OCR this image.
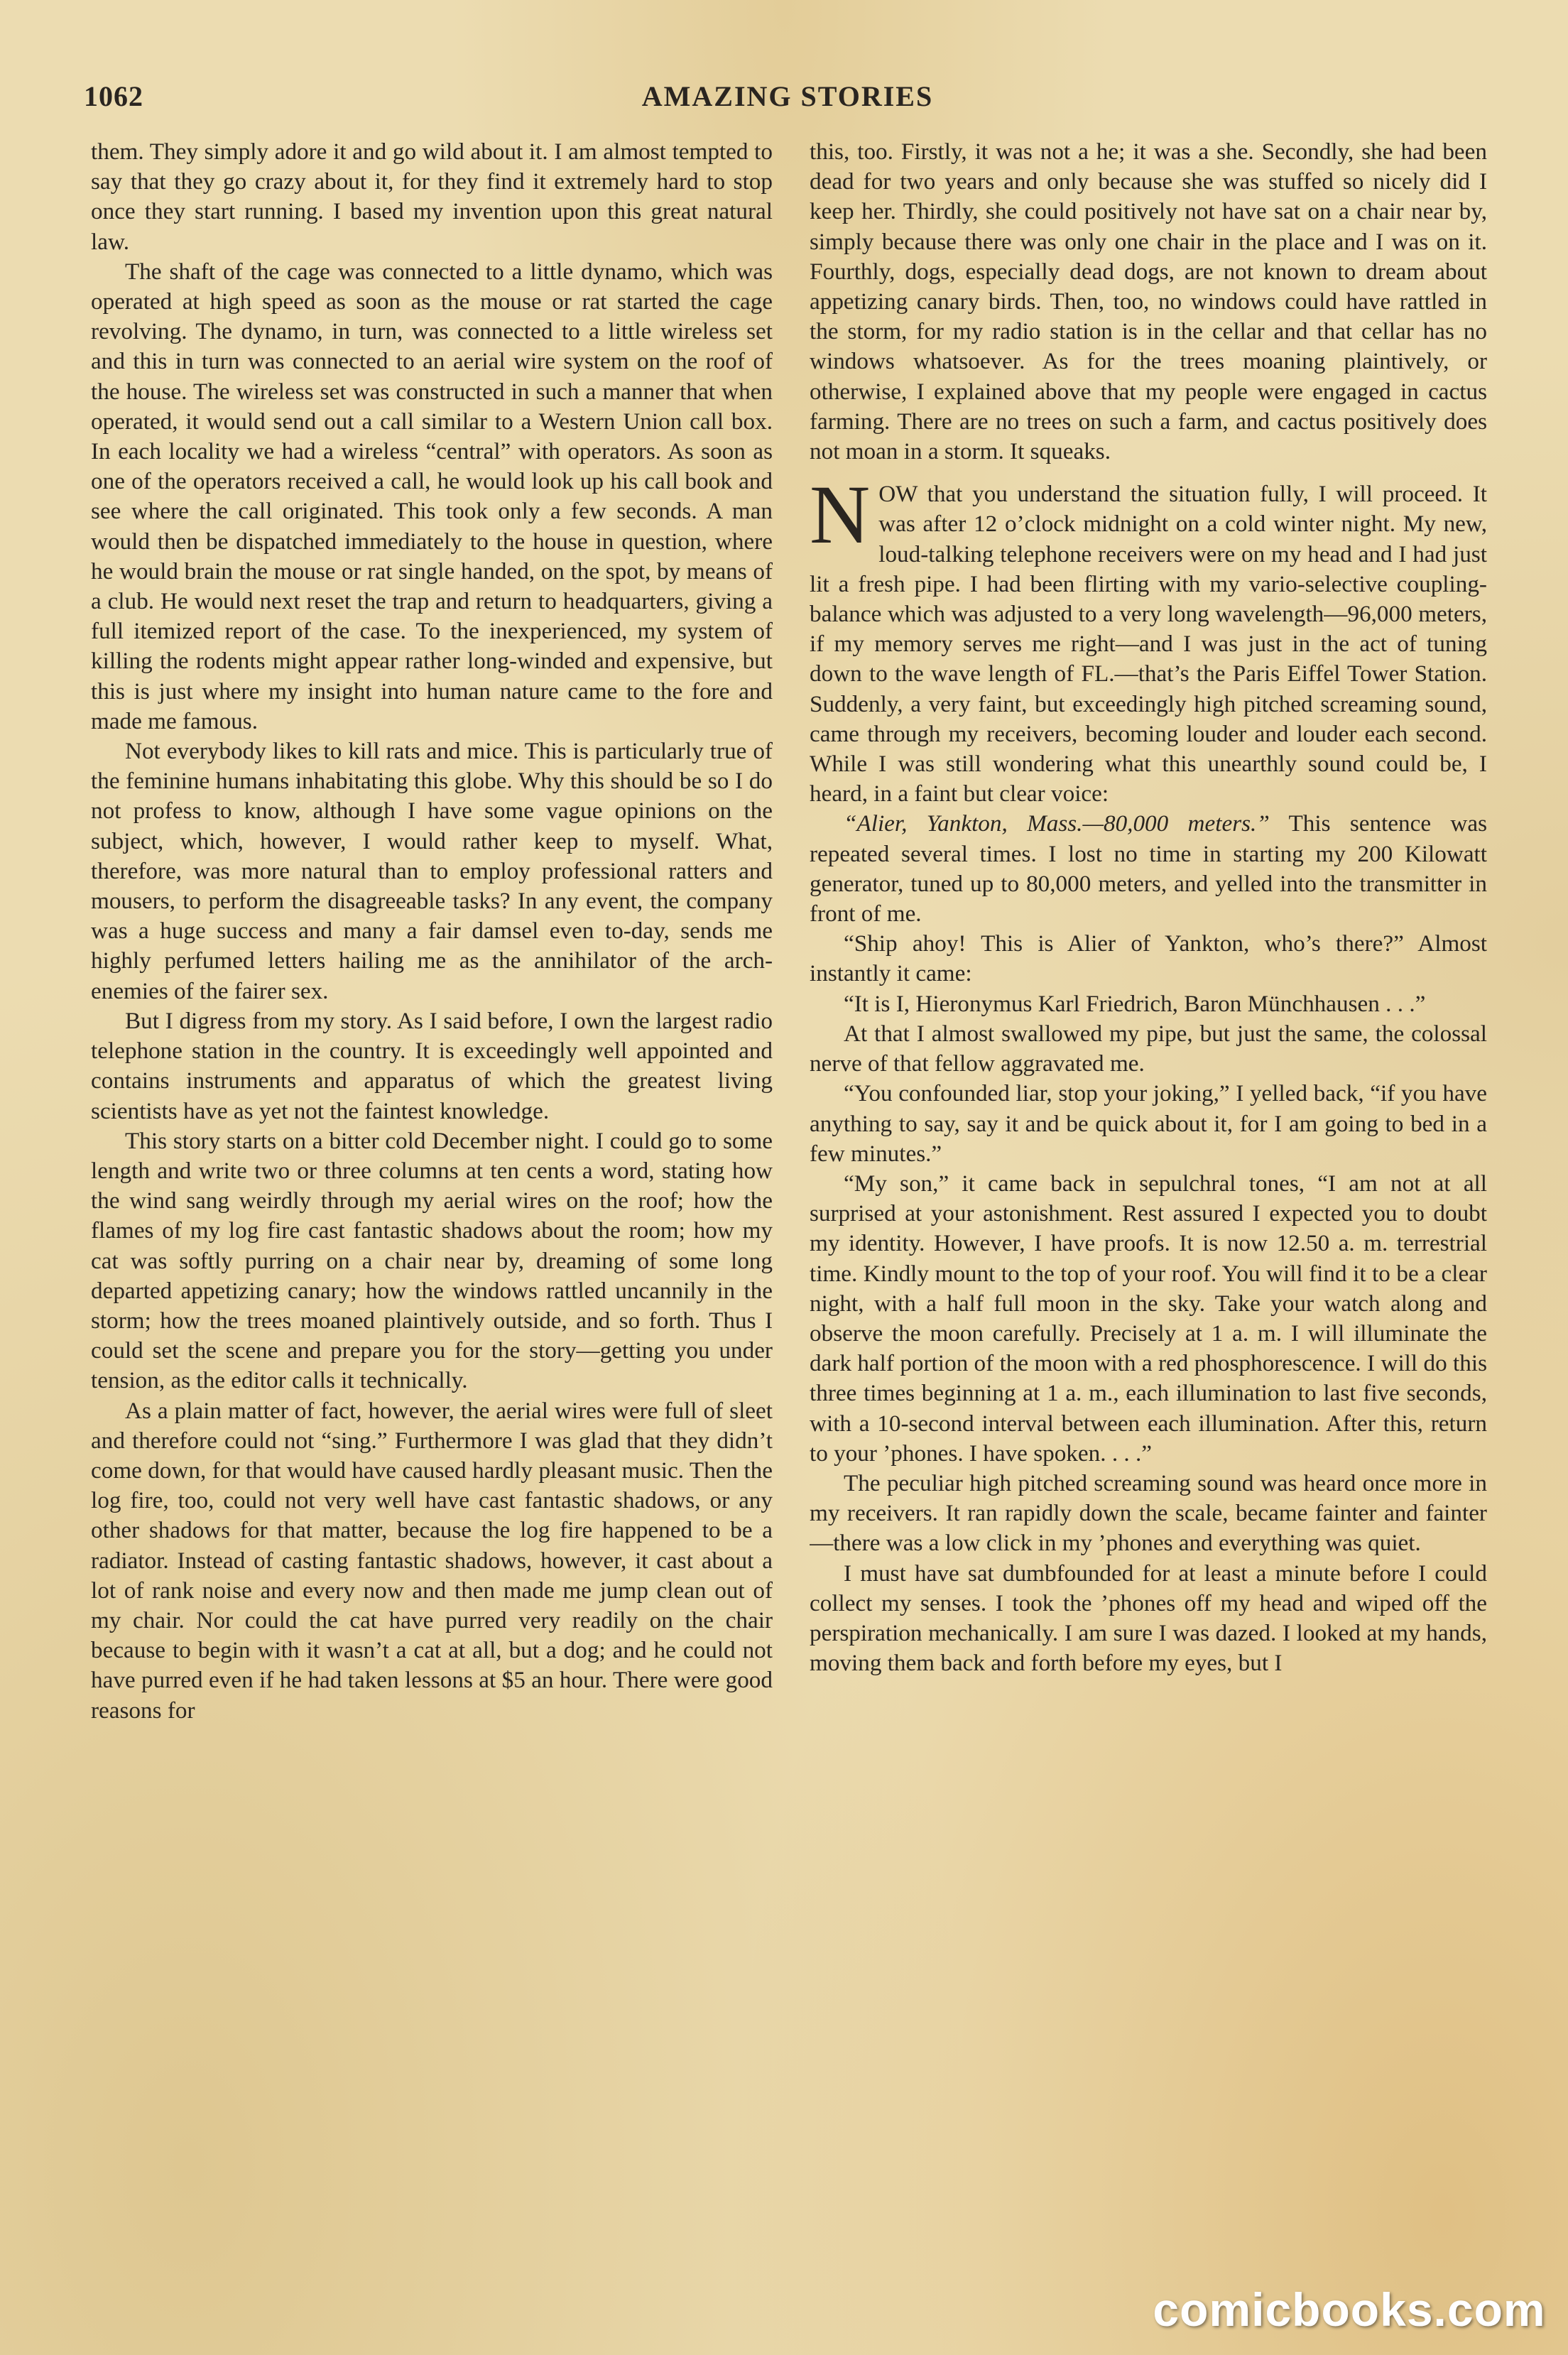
1062	AMAZING STORIES

them. They simply adore it and go wild about it. I am almost tempted to say that they go crazy about it, for they find it extremely hard to stop once they start running. I based my invention upon this great natural law.

The shaft of the cage was connected to a little dynamo, which was operated at high speed as soon as the mouse or rat started the cage revolving. The dynamo, in turn, was connected to a little wireless set and this in turn was connected to an aerial wire system on the roof of the house. The wireless set was constructed in such a manner that when operated, it would send out a call similar to a Western Union call box. In each locality we had a wireless “central” with operators. As soon as one of the operators received a call, he would look up his call book and see where the call originated. This took only a few seconds. A man would then be dispatched immediately to the house in question, where he would brain the mouse or rat single handed, on the spot, by means of a club. He would next reset the trap and return to headquarters, giving a full itemized report of the case. To the inexperienced, my system of killing the rodents might appear rather long-winded and expensive, but this is just where my insight into human nature came to the fore and made me famous.

Not everybody likes to kill rats and mice. This is particularly true of the feminine humans inhabitating this globe. Why this should be so I do not profess to know, although I have some vague opinions on the subject, which, however, I would rather keep to myself. What, therefore, was more natural than to employ professional ratters and mousers, to perform the disagreeable tasks? In any event, the company was a huge success and many a fair damsel even to-day, sends me highly perfumed letters hailing me as the annihilator of the arch-enemies of the fairer sex.

But I digress from my story. As I said before, I own the largest radio telephone station in the country. It is exceedingly well appointed and contains instruments and apparatus of which the greatest living scientists have as yet not the faintest knowledge.

This story starts on a bitter cold December night. I could go to some length and write two or three columns at ten cents a word, stating how the wind sang weirdly through my aerial wires on the roof; how the flames of my log fire cast fantastic shadows about the room; how my cat was softly purring on a chair near by, dreaming of some long departed appetizing canary; how the windows rattled uncannily in the storm; how the trees moaned plaintively outside, and so forth. Thus I could set the scene and prepare you for the story—getting you under tension, as the editor calls it technically.

As a plain matter of fact, however, the aerial wires were full of sleet and therefore could not “sing.” Furthermore I was glad that they didn’t come down, for that would have caused hardly pleasant music. Then the log fire, too, could not very well have cast fantastic shadows, or any other shadows for that matter, because the log fire happened to be a radiator. Instead of casting fantastic shadows, however, it cast about a lot of rank noise and every now and then made me jump clean out of my chair. Nor could the cat have purred very readily on the chair because to begin with it wasn’t a cat at all, but a dog; and he could not have purred even if he had taken lessons at $5 an hour. There were good reasons for

this, too. Firstly, it was not a he; it was a she. Secondly, she had been dead for two years and only because she was stuffed so nicely did I keep her. Thirdly, she could positively not have sat on a chair near by, simply because there was only one chair in the place and I was on it. Fourthly, dogs, especially dead dogs, are not known to dream about appetizing canary birds. Then, too, no windows could have rattled in the storm, for my radio station is in the cellar and that cellar has no windows whatsoever. As for the trees moaning plaintively, or otherwise, I explained above that my people were engaged in cactus farming. There are no trees on such a farm, and cactus positively does not moan in a storm. It squeaks.

NOW that you understand the situation fully, I will proceed. It was after 12 o’clock midnight on a cold winter night. My new, loud-talking telephone receivers were on my head and I had just lit a fresh pipe. I had been flirting with my vario-selective coupling-balance which was adjusted to a very long wavelength—96,000 meters, if my memory serves me right—and I was just in the act of tuning down to the wave length of FL.—that’s the Paris Eiffel Tower Station. Suddenly, a very faint, but exceedingly high pitched screaming sound, came through my receivers, becoming louder and louder each second. While I was still wondering what this unearthly sound could be, I heard, in a faint but clear voice:

“Alier, Yankton, Mass.—80,000 meters.” This sentence was repeated several times. I lost no time in starting my 200 Kilowatt generator, tuned up to 80,000 meters, and yelled into the transmitter in front of me.

“Ship ahoy! This is Alier of Yankton, who’s there?” Almost instantly it came:

“It is I, Hieronymus Karl Friedrich, Baron Münchhausen . . .”

At that I almost swallowed my pipe, but just the same, the colossal nerve of that fellow aggravated me.

“You confounded liar, stop your joking,” I yelled back, “if you have anything to say, say it and be quick about it, for I am going to bed in a few minutes.”

“My son,” it came back in sepulchral tones, “I am not at all surprised at your astonishment. Rest assured I expected you to doubt my identity. However, I have proofs. It is now 12.50 a. m. terrestrial time. Kindly mount to the top of your roof. You will find it to be a clear night, with a half full moon in the sky. Take your watch along and observe the moon carefully. Precisely at 1 a. m. I will illuminate the dark half portion of the moon with a red phosphorescence. I will do this three times beginning at 1 a. m., each illumination to last five seconds, with a 10-second interval between each illumination. After this, return to your ’phones. I have spoken. . . .”

The peculiar high pitched screaming sound was heard once more in my receivers. It ran rapidly down the scale, became fainter and fainter—there was a low click in my ’phones and everything was quiet.

I must have sat dumbfounded for at least a minute before I could collect my senses. I took the ’phones off my head and wiped off the perspiration mechanically. I am sure I was dazed. I looked at my hands, moving them back and forth before my eyes, but I

comicbooks.com
